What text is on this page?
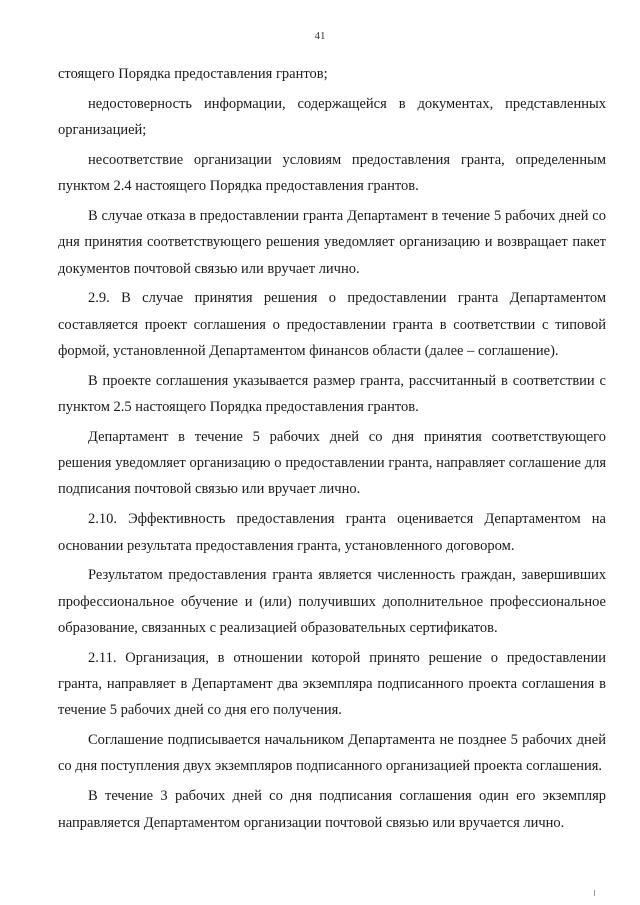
41

стоящего Порядка предоставления грантов;

недостоверность информации, содержащейся в документах, представленных организацией;

несоответствие организации условиям предоставления гранта, определенным пунктом 2.4 настоящего Порядка предоставления грантов.

В случае отказа в предоставлении гранта Департамент в течение 5 рабочих дней со дня принятия соответствующего решения уведомляет организацию и возвращает пакет документов почтовой связью или вручает лично.

2.9. В случае принятия решения о предоставлении гранта Департаментом составляется проект соглашения о предоставлении гранта в соответствии с типовой формой, установленной Департаментом финансов области (далее – соглашение).

В проекте соглашения указывается размер гранта, рассчитанный в соответствии с пунктом 2.5 настоящего Порядка предоставления грантов.

Департамент в течение 5 рабочих дней со дня принятия соответствующего решения уведомляет организацию о предоставлении гранта, направляет соглашение для подписания почтовой связью или вручает лично.

2.10. Эффективность предоставления гранта оценивается Департаментом на основании результата предоставления гранта, установленного договором.

Результатом предоставления гранта является численность граждан, завершивших профессиональное обучение и (или) получивших дополнительное профессиональное образование, связанных с реализацией образовательных сертификатов.

2.11. Организация, в отношении которой принято решение о предоставлении гранта, направляет в Департамент два экземпляра подписанного проекта соглашения в течение 5 рабочих дней со дня его получения.

Соглашение подписывается начальником Департамента не позднее 5 рабочих дней со дня поступления двух экземпляров подписанного организацией проекта соглашения.

В течение 3 рабочих дней со дня подписания соглашения один его экземпляр направляется Департаментом организации почтовой связью или вручается лично.
